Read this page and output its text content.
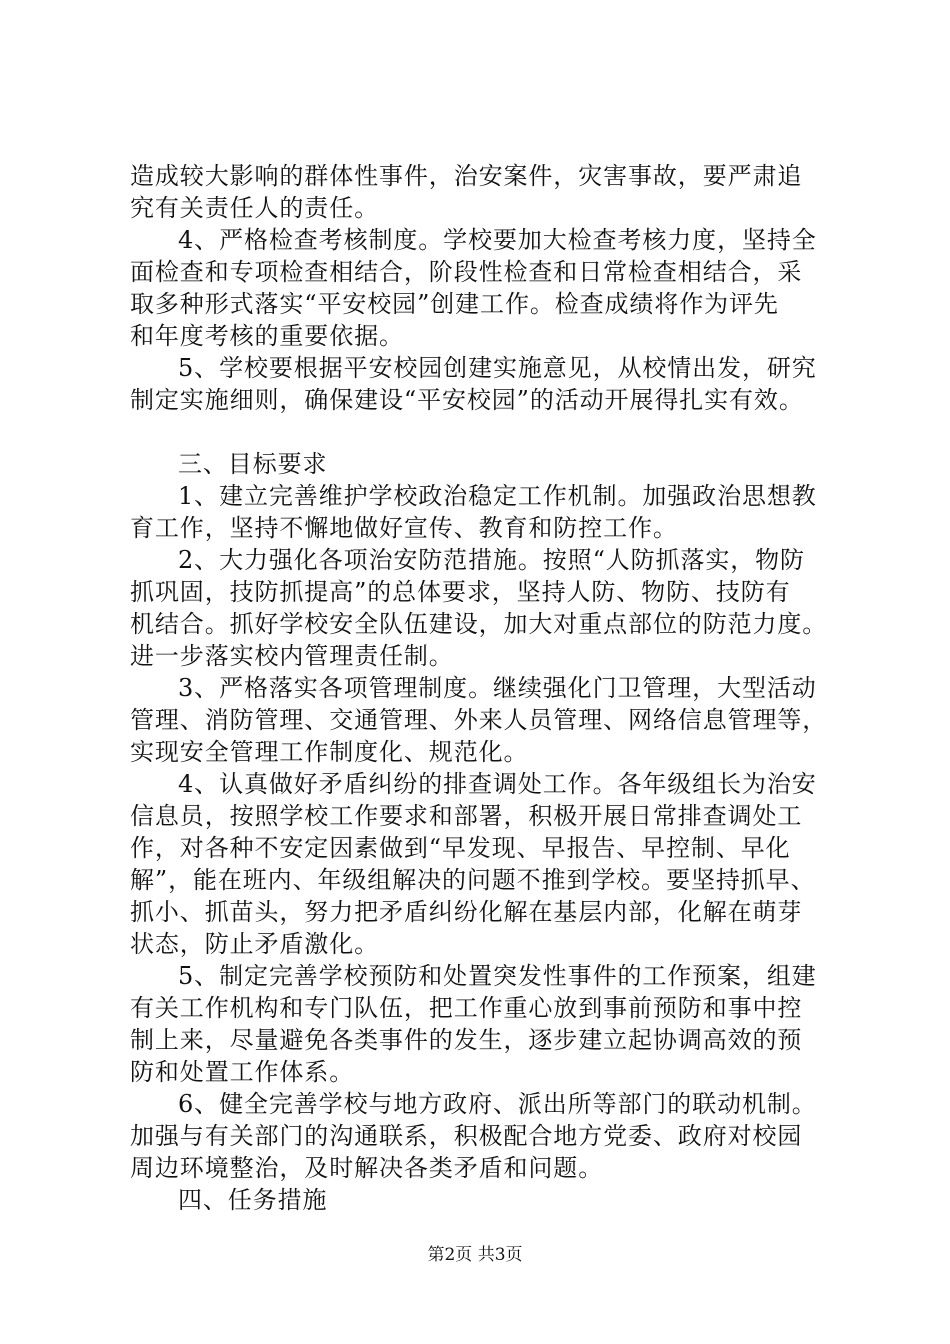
造成较大影响的群体性事件，治安案件，灾害事故，要严肃追
究有关责任人的责任。
4、严格检查考核制度。学校要加大检查考核力度，坚持全
面检查和专项检查相结合，阶段性检查和日常检查相结合，采
取多种形式落实“平安校园”创建工作。检查成绩将作为评先
和年度考核的重要依据。
5、学校要根据平安校园创建实施意见，从校情出发，研究
制定实施细则，确保建设“平安校园”的活动开展得扎实有效。
三、目标要求
1、建立完善维护学校政治稳定工作机制。加强政治思想教
育工作，坚持不懈地做好宣传、教育和防控工作。
2、大力强化各项治安防范措施。按照“人防抓落实，物防
抓巩固，技防抓提高”的总体要求，坚持人防、物防、技防有
机结合。抓好学校安全队伍建设，加大对重点部位的防范力度。
进一步落实校内管理责任制。
3、严格落实各项管理制度。继续强化门卫管理，大型活动
管理、消防管理、交通管理、外来人员管理、网络信息管理等，
实现安全管理工作制度化、规范化。
4、认真做好矛盾纠纷的排查调处工作。各年级组长为治安
信息员，按照学校工作要求和部署，积极开展日常排查调处工
作，对各种不安定因素做到“早发现、早报告、早控制、早化
解”，能在班内、年级组解决的问题不推到学校。要坚持抓早、
抓小、抓苗头，努力把矛盾纠纷化解在基层内部，化解在萌芽
状态，防止矛盾激化。
5、制定完善学校预防和处置突发性事件的工作预案，组建
有关工作机构和专门队伍，把工作重心放到事前预防和事中控
制上来，尽量避免各类事件的发生，逐步建立起协调高效的预
防和处置工作体系。
6、健全完善学校与地方政府、派出所等部门的联动机制。
加强与有关部门的沟通联系，积极配合地方党委、政府对校园
周边环境整治，及时解决各类矛盾和问题。
四、任务措施
第2页 共3页
